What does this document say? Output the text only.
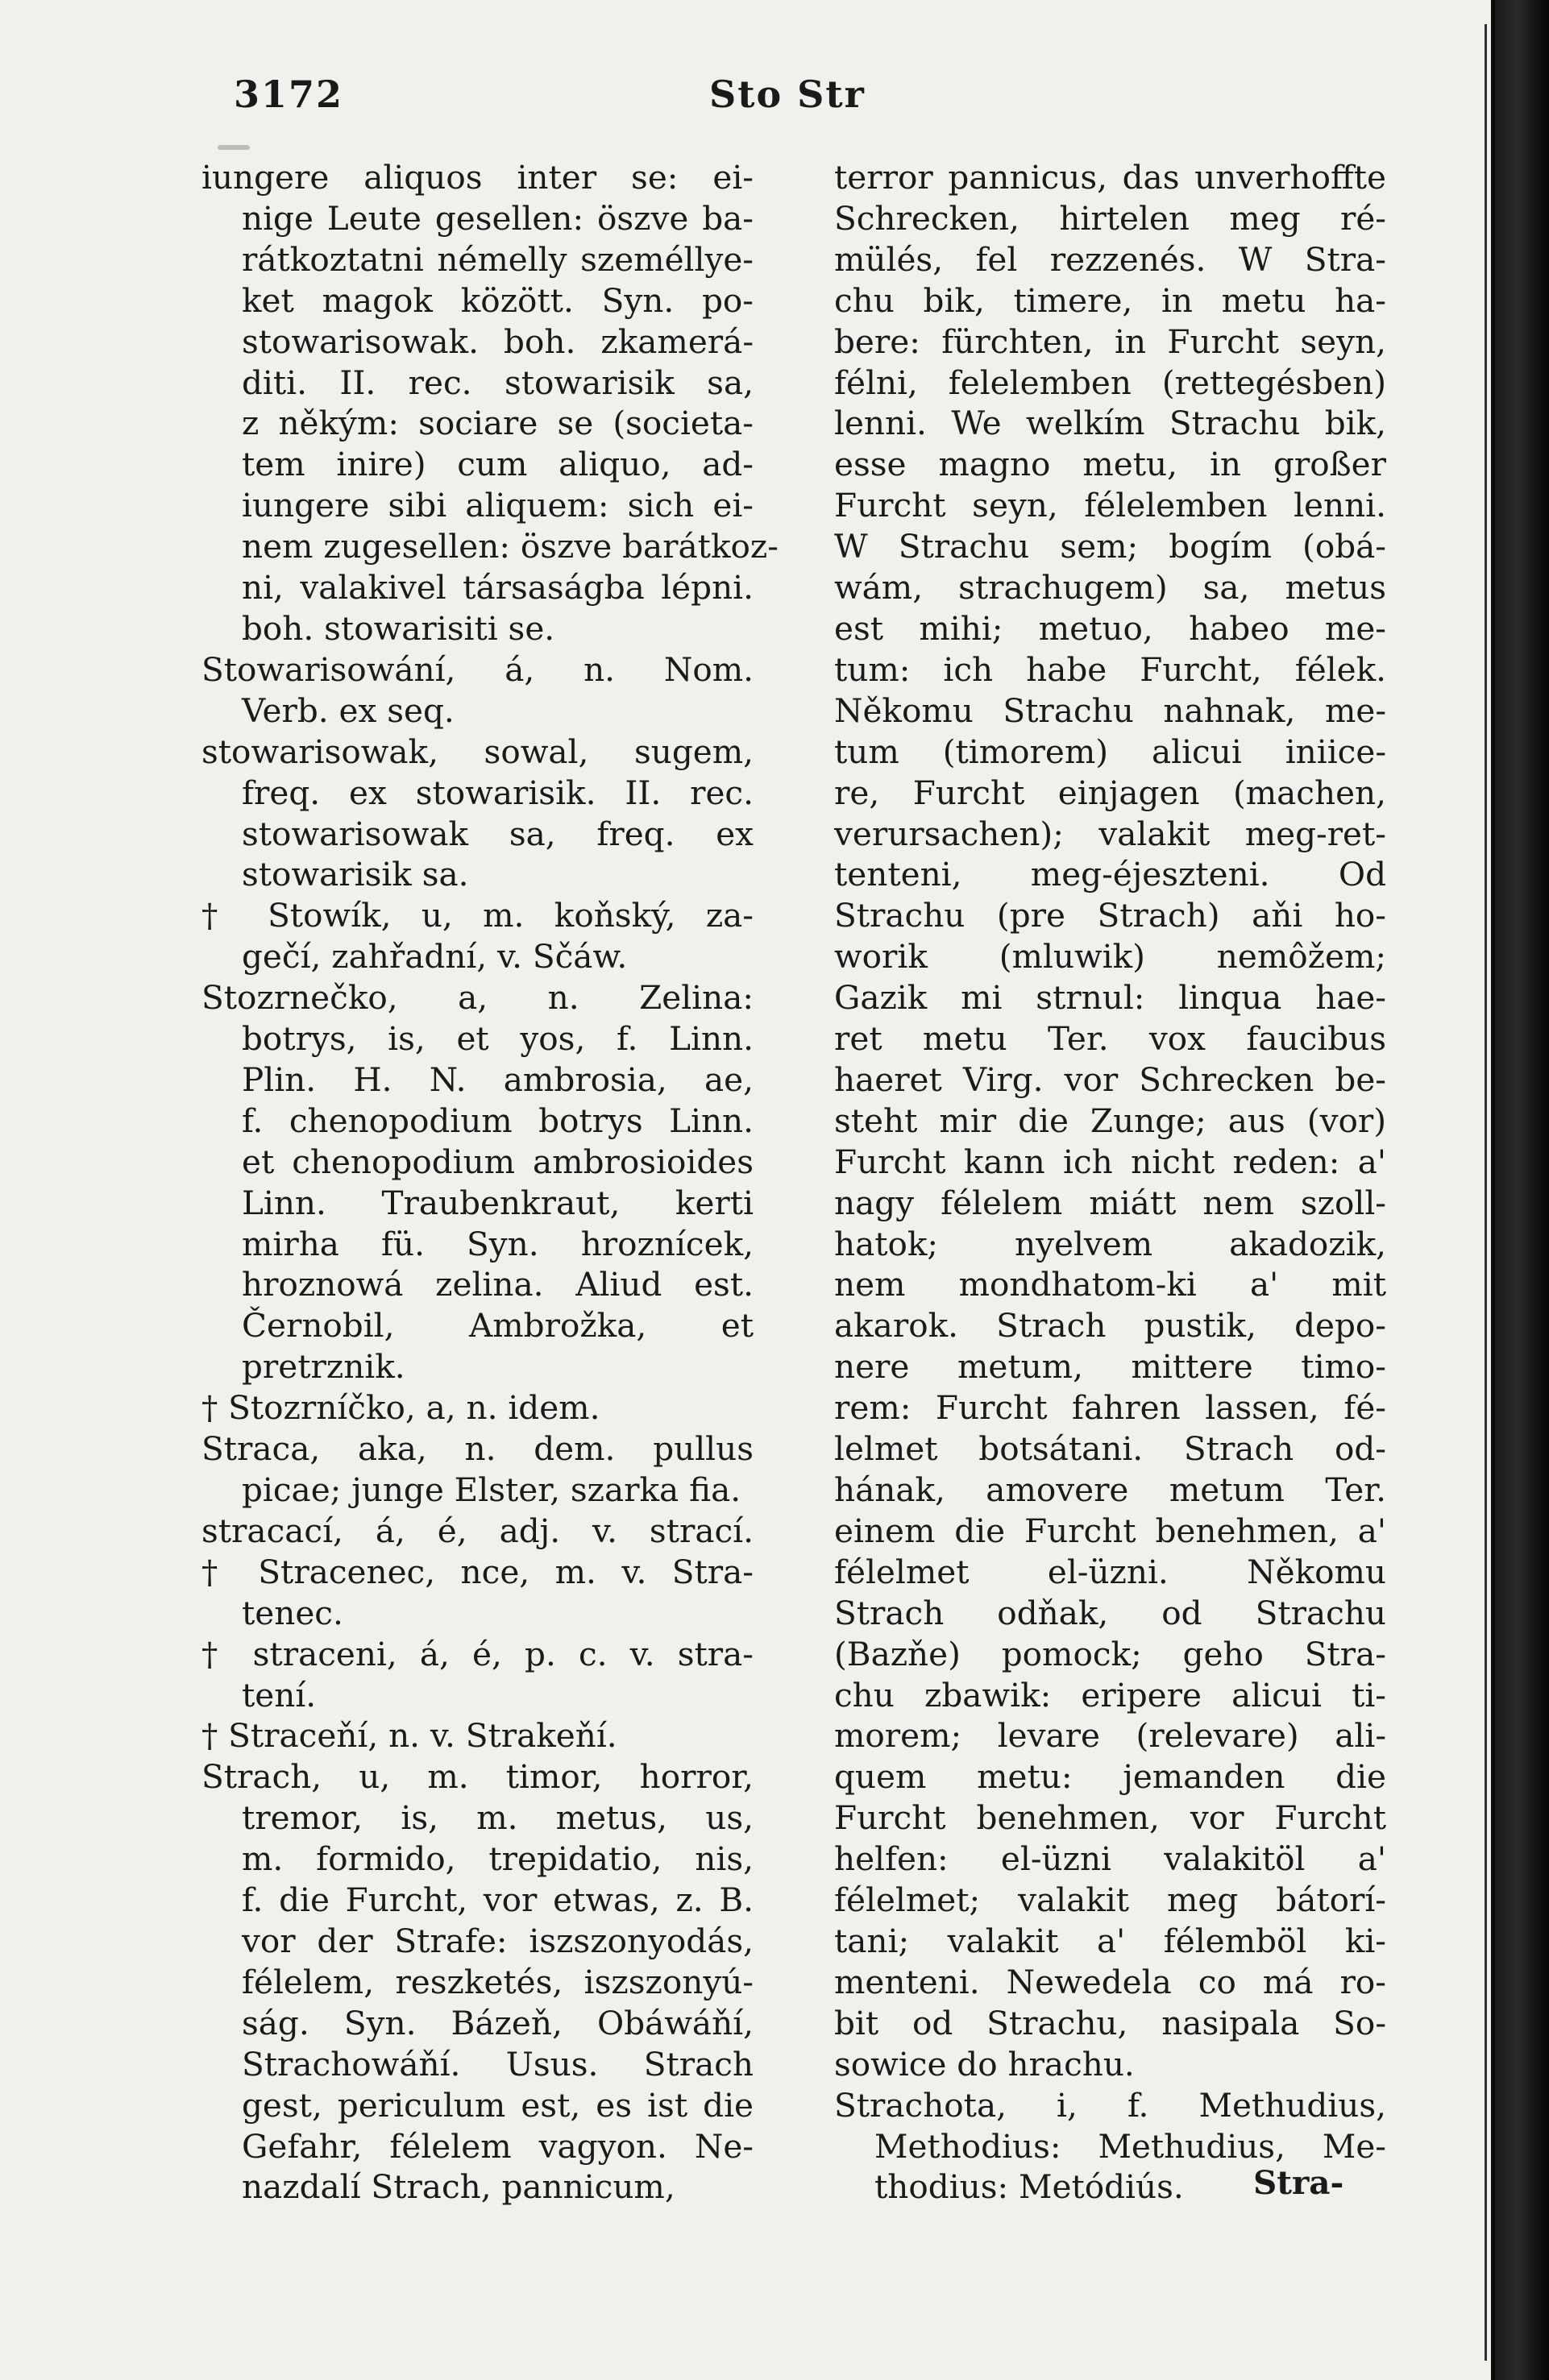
3172	Sto Str
iungere aliquos inter se: ei-
nige Leute gesellen: öszve ba-
rátkoztatni némelly személlye-
ket magok között. Syn. po-
stowarisowak. boh. zkamerá-
diti. II. rec. stowarisik sa,
z někým: sociare se (societa-
tem inire) cum aliquo, ad-
iungere sibi aliquem: sich ei-
nem zugesellen: öszve barátkoz-
ni, valakivel társaságba lépni.
boh. stowarisiti se.
Stowarisowání, á, n. Nom.
Verb. ex seq.
stowarisowak, sowal, sugem,
freq. ex stowarisik. II. rec.
stowarisowak sa, freq. ex
stowarisik sa.
† Stowík, u, m. koňský, za-
gečí, zahřadní, v. Sčáw.
Stozrnečko, a, n. Zelina:
botrys, is, et yos, f. Linn.
Plin. H. N. ambrosia, ae,
f. chenopodium botrys Linn.
et chenopodium ambrosioides
Linn. Traubenkraut, kerti
mirha fü. Syn. hroznícek,
hroznowá zelina. Aliud est.
Černobil, Ambrožka, et
pretrznik.
† Stozrníčko, a, n. idem.
Straca, aka, n. dem. pullus
picae; junge Elster, szarka fia.
stracací, á, é, adj. v. strací.
† Stracenec, nce, m. v. Stra-
tenec.
† straceni, á, é, p. c. v. stra-
tení.
† Straceňí, n. v. Strakeňí.
Strach, u, m. timor, horror,
tremor, is, m. metus, us,
m. formido, trepidatio, nis,
f. die Furcht, vor etwas, z. B.
vor der Strafe: iszszonyodás,
félelem, reszketés, iszszonyú-
ság. Syn. Bázeň, Obáwáňí,
Strachowáňí. Usus. Strach
gest, periculum est, es ist die
Gefahr, félelem vagyon. Ne-
nazdalí Strach, pannicum,
terror pannicus, das unverhoffte
Schrecken, hirtelen meg ré-
mülés, fel rezzenés. W Stra-
chu bik, timere, in metu ha-
bere: fürchten, in Furcht seyn,
félni, felelemben (rettegésben)
lenni. We welkím Strachu bik,
esse magno metu, in großer
Furcht seyn, félelemben lenni.
W Strachu sem; bogím (obá-
wám, strachugem) sa, metus
est mihi; metuo, habeo me-
tum: ich habe Furcht, félek.
Někomu Strachu nahnak, me-
tum (timorem) alicui iniice-
re, Furcht einjagen (machen,
verursachen); valakit meg-ret-
tenteni, meg-éjeszteni. Od
Strachu (pre Strach) aňi ho-
worik (mluwik) nemôžem;
Gazik mi strnul: linqua hae-
ret metu Ter. vox faucibus
haeret Virg. vor Schrecken be-
steht mir die Zunge; aus (vor)
Furcht kann ich nicht reden: a'
nagy félelem miátt nem szoll-
hatok; nyelvem akadozik,
nem mondhatom-ki a' mit
akarok. Strach pustik, depo-
nere metum, mittere timo-
rem: Furcht fahren lassen, fé-
lelmet botsátani. Strach od-
hának, amovere metum Ter.
einem die Furcht benehmen, a'
félelmet el-üzni. Někomu
Strach odňak, od Strachu
(Bazňe) pomock; geho Stra-
chu zbawik: eripere alicui ti-
morem; levare (relevare) ali-
quem metu: jemanden die
Furcht benehmen, vor Furcht
helfen: el-üzni valakitöl a'
félelmet; valakit meg bátorí-
tani; valakit a' félemböl ki-
menteni. Newedela co má ro-
bit od Strachu, nasipala So-
sowice do hrachu.
Strachota, i, f. Methudius,
Methodius: Methudius, Me-
thodius: Metódiús.	Stra-
